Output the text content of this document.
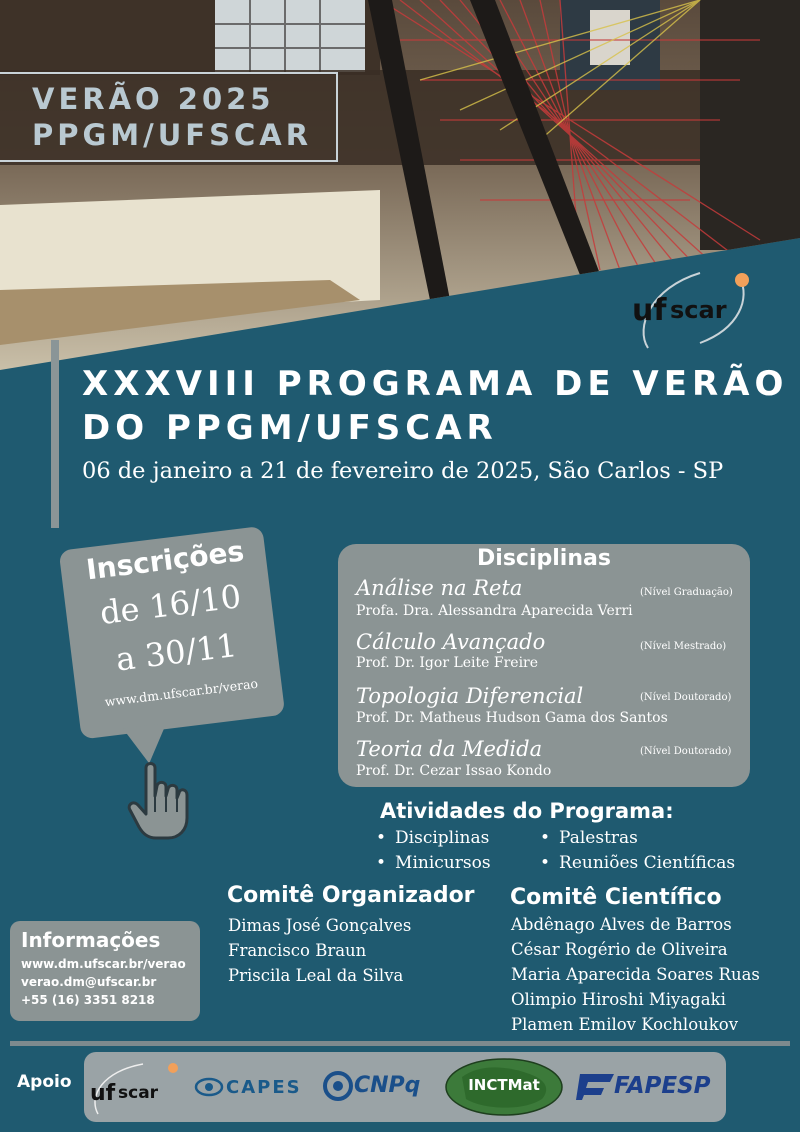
VERÃO 2025
PPGM/UFSCAR
uf scar
XXXVIII PROGRAMA DE VERÃO
DO PPGM/UFSCAR
06 de janeiro a 21 de fevereiro de 2025, São Carlos - SP
Inscrições
de 16/10
a 30/11
www.dm.ufscar.br/verao
Disciplinas
Análise na Reta	(Nível Graduação)
Profa. Dra. Alessandra Aparecida Verri
Cálculo Avançado	(Nível Mestrado)
Prof. Dr. Igor Leite Freire
Topologia Diferencial	(Nível Doutorado)
Prof. Dr. Matheus Hudson Gama dos Santos
Teoria da Medida	(Nível Doutorado)
Prof. Dr. Cezar Issao Kondo
Atividades do Programa:
• Disciplinas	• Palestras
• Minicursos	• Reuniões Científicas
Comitê Organizador
Dimas José Gonçalves
Francisco Braun
Priscila Leal da Silva
Comitê Científico
Abdênago Alves de Barros
César Rogério de Oliveira
Maria Aparecida Soares Ruas
Olimpio Hiroshi Miyagaki
Plamen Emilov Kochloukov
Informações
www.dm.ufscar.br/verao
verao.dm@ufscar.br
+55 (16) 3351 8218
Apoio uf scar	CAPES CNPq	INCTMat	FAPESP
